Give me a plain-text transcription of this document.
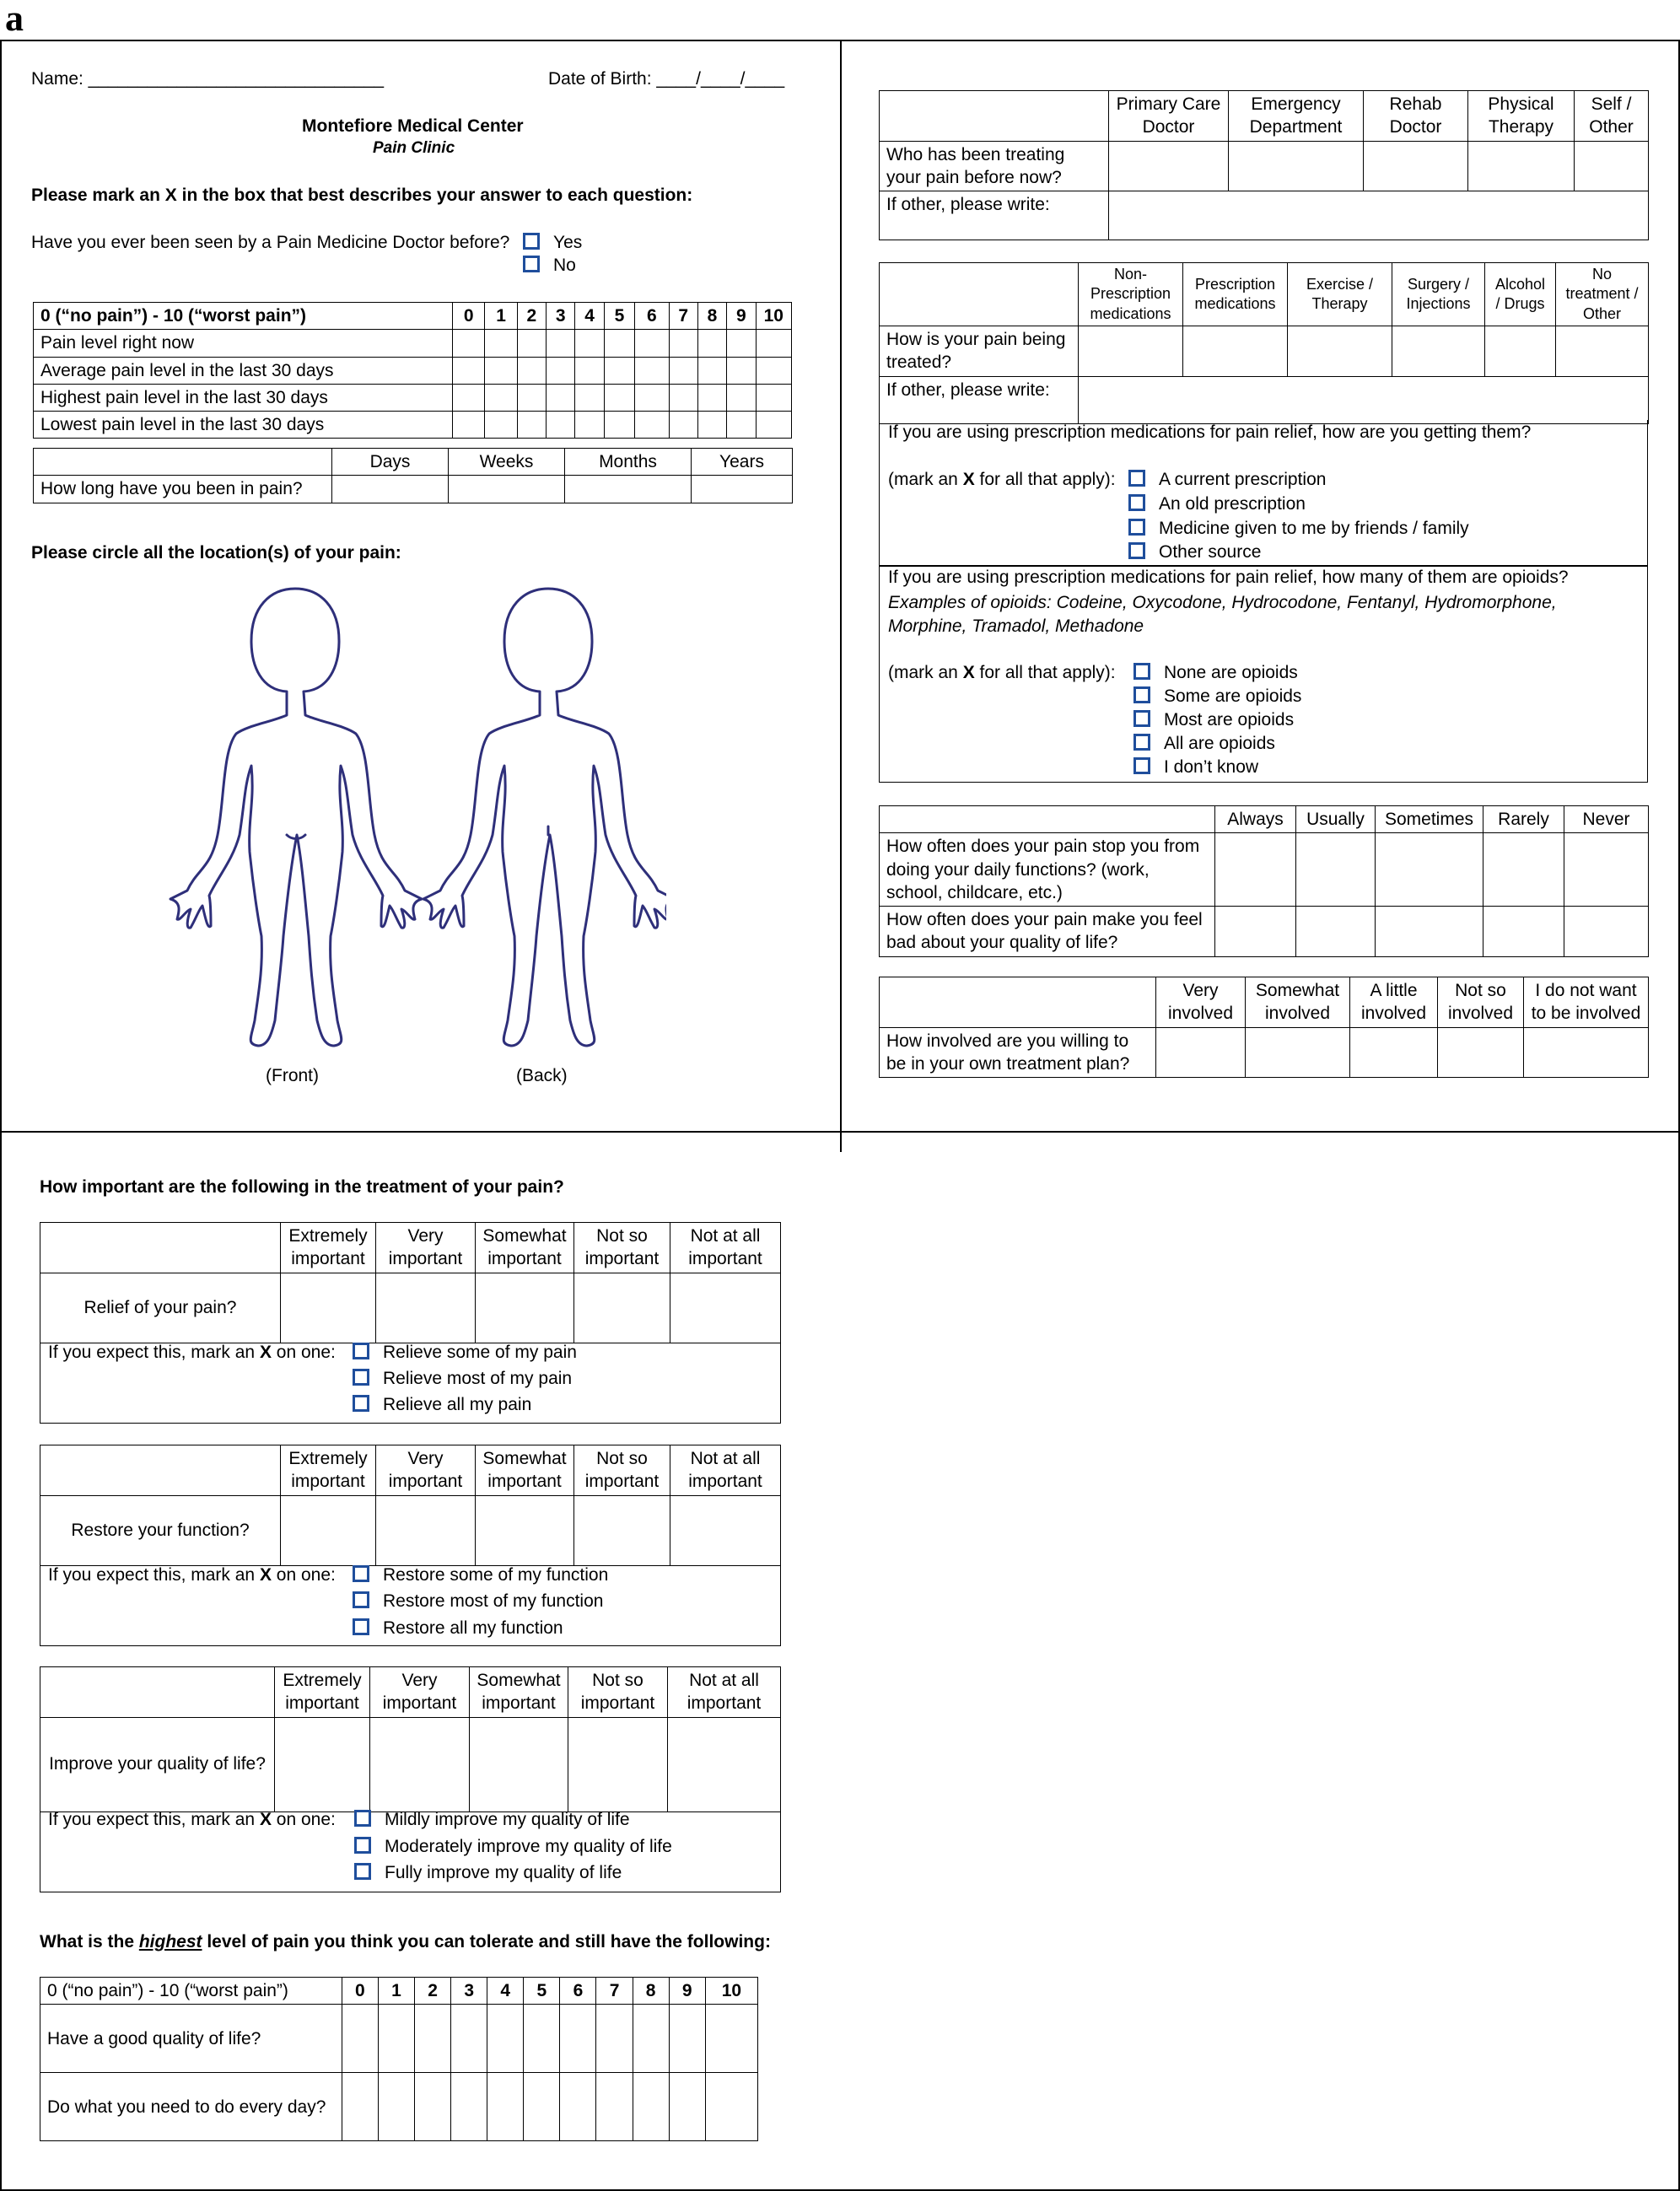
a
Name: ______________________________	Date of Birth: ____/____/____
Montefiore Medical Center
Pain Clinic
Please mark an X in the box that best describes your answer to each question:
Have you ever been seen by a Pain Medicine Doctor before?	Yes
No
0 (“no pain”) - 10 (“worst pain”)	0	1	2	3	4	5	6	7	8	9	10
Pain level right now											
Average pain level in the last 30 days											
Highest pain level in the last 30 days											
Lowest pain level in the last 30 days											
	Days	Weeks	Months	Years
How long have you been in pain?				
Please circle all the location(s) of your pain:
(Front)	(Back)
	Primary Care Doctor	Emergency Department	Rehab Doctor	Physical Therapy	Self / Other
Who has been treating your pain before now?					
If other, please write:					
	Non-Prescription medications	Prescription medications	Exercise / Therapy	Surgery / Injections	Alcohol / Drugs	No treatment / Other
How is your pain being treated?						
If other, please write:						
If you are using prescription medications for pain relief, how are you getting them?
(mark an X for all that apply):	A current prescription
An old prescription
Medicine given to me by friends / family
Other source
If you are using prescription medications for pain relief, how many of them are opioids?
Examples of opioids: Codeine, Oxycodone, Hydrocodone, Fentanyl, Hydromorphone, Morphine, Tramadol, Methadone
(mark an X for all that apply):	None are opioids
Some are opioids
Most are opioids
All are opioids
I don’t know
	Always	Usually	Sometimes	Rarely	Never
How often does your pain stop you from doing your daily functions? (work, school, childcare, etc.)					
How often does your pain make you feel bad about your quality of life?					
	Very involved	Somewhat involved	A little involved	Not so involved	I do not want to be involved
How involved are you willing to be in your own treatment plan?					
How important are the following in the treatment of your pain?
	Extremely important	Very important	Somewhat important	Not so important	Not at all important
Relief of your pain?					

If you expect this, mark an X on one:	Relieve some of my pain
Relieve most of my pain
Relieve all my pain
	Extremely important	Very important	Somewhat important	Not so important	Not at all important
Restore your function?					

If you expect this, mark an X on one:	Restore some of my function
Restore most of my function
Restore all my function
	Extremely important	Very important	Somewhat important	Not so important	Not at all important
Improve your quality of life?					

If you expect this, mark an X on one:	Mildly improve my quality of life
Moderately improve my quality of life
Fully improve my quality of life
What is the highest level of pain you think you can tolerate and still have the following:
0 (“no pain”) - 10 (“worst pain”)	0	1	2	3	4	5	6	7	8	9	10
Have a good quality of life?											
Do what you need to do every day?											
